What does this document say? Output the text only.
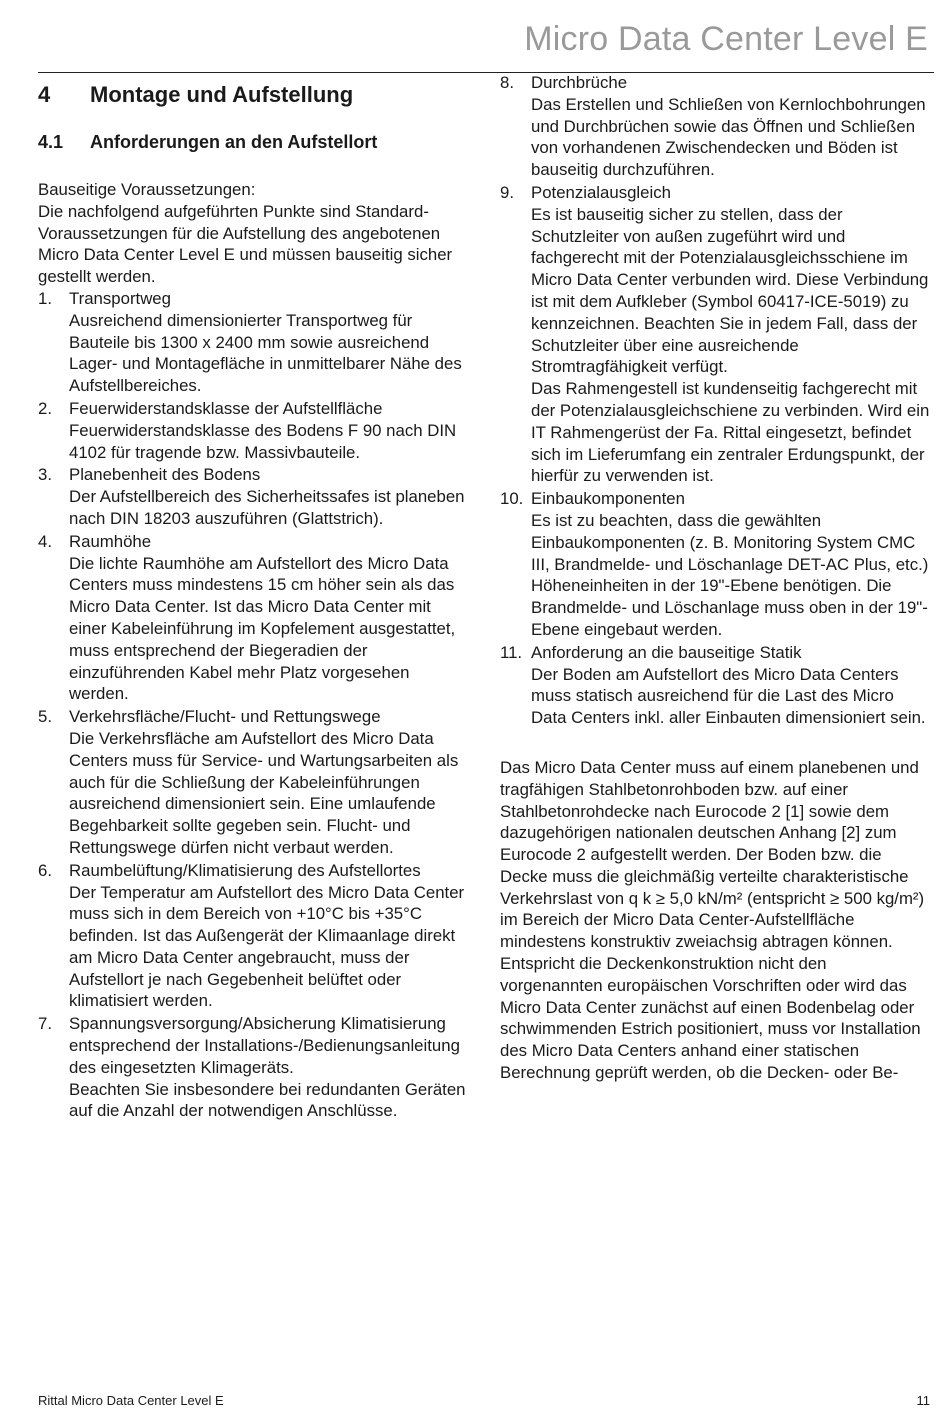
Micro Data Center Level E
4	Montage und Aufstellung
4.1	Anforderungen an den Aufstellort

Bauseitige Voraussetzungen:

Die nachfolgend aufgeführten Punkte sind Standard-Voraussetzungen für die Aufstellung des angebotenen Micro Data Center Level E und müssen bauseitig sicher gestellt werden.

1.	Transportweg
Ausreichend dimensionierter Transportweg für Bauteile bis 1300 x 2400 mm sowie ausreichend Lager- und Montagefläche in unmittelbarer Nähe des Aufstellbereiches.
2.	Feuerwiderstandsklasse der Aufstellfläche
Feuerwiderstandsklasse des Bodens F 90 nach DIN 4102 für tragende bzw. Massivbauteile.
3.	Planebenheit des Bodens
Der Aufstellbereich des Sicherheitssafes ist planeben nach DIN 18203 auszuführen (Glattstrich).
4.	Raumhöhe
Die lichte Raumhöhe am Aufstellort des Micro Data Centers muss mindestens 15 cm höher sein als das Micro Data Center. Ist das Micro Data Center mit einer Kabeleinführung im Kopfelement ausgestattet, muss entsprechend der Biegeradien der einzuführenden Kabel mehr Platz vorgesehen werden.
5.	Verkehrsfläche/Flucht- und Rettungswege
Die Verkehrsfläche am Aufstellort des Micro Data Centers muss für Service- und Wartungsarbeiten als auch für die Schließung der Kabeleinführungen ausreichend dimensioniert sein. Eine umlaufende Begehbarkeit sollte gegeben sein. Flucht- und Rettungswege dürfen nicht verbaut werden.
6.	Raumbelüftung/Klimatisierung des Aufstellortes
Der Temperatur am Aufstellort des Micro Data Center muss sich in dem Bereich von +10°C bis +35°C befinden. Ist das Außengerät der Klimaanlage direkt am Micro Data Center angebraucht, muss der Aufstellort je nach Gegebenheit belüftet oder klimatisiert werden.
7.	Spannungsversorgung/Absicherung Klimatisierung entsprechend der Installations-/Bedienungsanleitung des eingesetzten Klimageräts.
Beachten Sie insbesondere bei redundanten Geräten auf die Anzahl der notwendigen Anschlüsse.
8.	Durchbrüche
Das Erstellen und Schließen von Kernlochbohrungen und Durchbrüchen sowie das Öffnen und Schließen von vorhandenen Zwischendecken und Böden ist bauseitig durchzuführen.
9.	Potenzialausgleich
Es ist bauseitig sicher zu stellen, dass der Schutzleiter von außen zugeführt wird und fachgerecht mit der Potenzialausgleichsschiene im Micro Data Center verbunden wird. Diese Verbindung ist mit dem Aufkleber (Symbol 60417-ICE-5019) zu kennzeichnen. Beachten Sie in jedem Fall, dass der Schutzleiter über eine ausreichende Stromtragfähigkeit verfügt.
Das Rahmengestell ist kundenseitig fachgerecht mit der Potenzialausgleichschiene zu verbinden. Wird ein IT Rahmengerüst der Fa. Rittal eingesetzt, befindet sich im Lieferumfang ein zentraler Erdungspunkt, der hierfür zu verwenden ist.
10. Einbaukomponenten
Es ist zu beachten, dass die gewählten Einbaukomponenten (z. B. Monitoring System CMC III, Brandmelde- und Löschanlage DET-AC Plus, etc.) Höheneinheiten in der 19"-Ebene benötigen. Die Brandmelde- und Löschanlage muss oben in der 19"-Ebene eingebaut werden.
11. Anforderung an die bauseitige Statik
Der Boden am Aufstellort des Micro Data Centers muss statisch ausreichend für die Last des Micro Data Centers inkl. aller Einbauten dimensioniert sein.

Das Micro Data Center muss auf einem planebenen und tragfähigen Stahlbetonrohboden bzw. auf einer Stahlbetonrohdecke nach Eurocode 2 [1] sowie dem dazugehörigen nationalen deutschen Anhang [2] zum Eurocode 2 aufgestellt werden. Der Boden bzw. die Decke muss die gleichmäßig verteilte charakteristische Verkehrslast von q k ≥ 5,0 kN/m² (entspricht ≥ 500 kg/m²) im Bereich der Micro Data Center-Aufstellfläche mindestens konstruktiv zweiachsig abtragen können.

Entspricht die Deckenkonstruktion nicht den vorgenannten europäischen Vorschriften oder wird das Micro Data Center zunächst auf einen Bodenbelag oder schwimmenden Estrich positioniert, muss vor Installation des Micro Data Centers anhand einer statischen Berechnung geprüft werden, ob die Decken- oder Be-

Rittal Micro Data Center Level E	11
